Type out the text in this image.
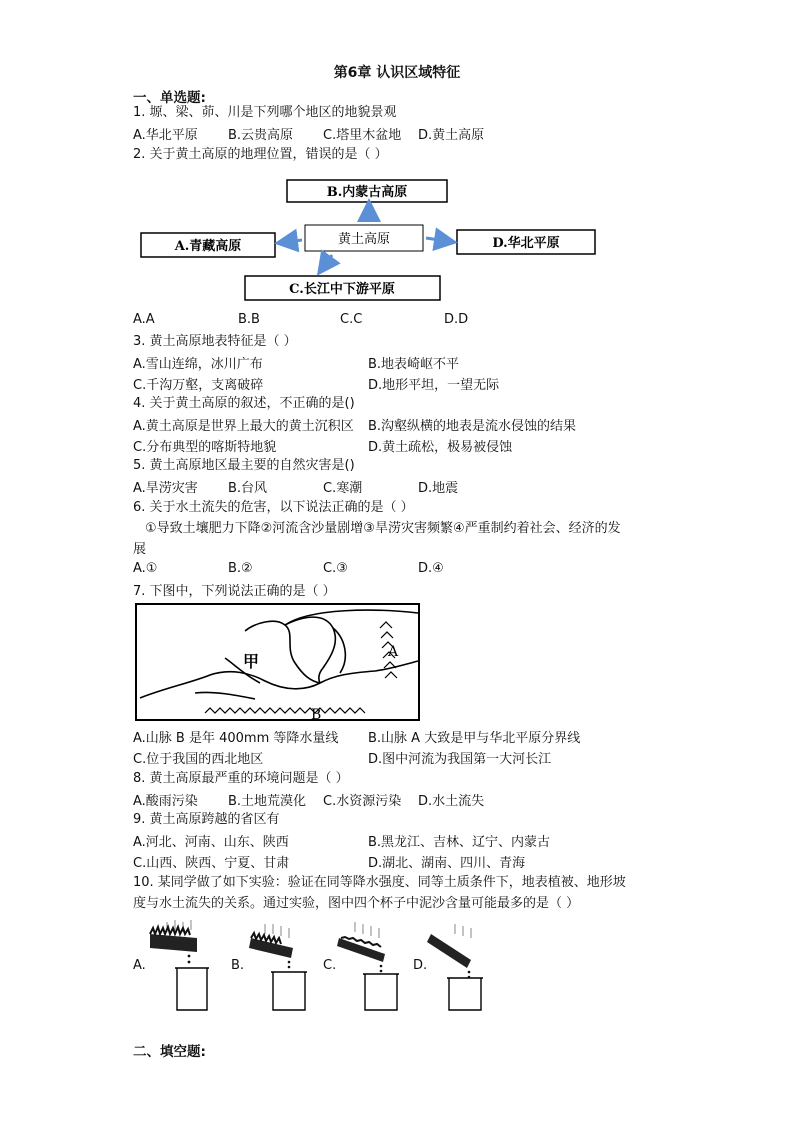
第6章 认识区域特征
一、单选题:
1. 塬、梁、茆、川是下列哪个地区的地貌景观
A.华北平原 B.云贵高原 C.塔里木盆地 D.黄土高原
2. 关于黄土高原的地理位置，错误的是（ ）
B.内蒙古高原
黄土高原
A.青藏高原	D.华北平原
C.长江中下游平原
A.A	B.B	C.C	D.D
3. 黄土高原地表特征是（ ）
A.雪山连绵，冰川广布	B.地表崎岖不平
C.千沟万壑，支离破碎	D.地形平坦，一望无际
4. 关于黄土高原的叙述，不正确的是()
A.黄土高原是世界上最大的黄土沉积区 B.沟壑纵横的地表是流水侵蚀的结果
C.分布典型的喀斯特地貌	D.黄土疏松，极易被侵蚀
5. 黄土高原地区最主要的自然灾害是()
A.旱涝灾害 B.台风	C.寒潮	D.地震
6. 关于水土流失的危害，以下说法正确的是（ ）
①导致土壤肥力下降②河流含沙量剧增③旱涝灾害频繁④严重制约着社会、经济的发
展
A.①	B.②	C.③	D.④
7. 下图中，下列说法正确的是（ ）
甲	A
B
A.山脉 B 是年 400mm 等降水量线 B.山脉 A 大致是甲与华北平原分界线
C.位于我国的西北地区	D.图中河流为我国第一大河长江
8. 黄土高原最严重的环境问题是（ ）
A.酸雨污染 B.土地荒漠化 C.水资源污染 D.水土流失
9. 黄土高原跨越的省区有
A.河北、河南、山东、陕西	B.黑龙江、吉林、辽宁、内蒙古
C.山西、陕西、宁夏、甘肃	D.湖北、湖南、四川、青海
10. 某同学做了如下实验：验证在同等降水强度、同等土质条件下，地表植被、地形坡
度与水土流失的关系。通过实验，图中四个杯子中泥沙含量可能最多的是（ ）
A.	B.	C.	D.
二、填空题:
